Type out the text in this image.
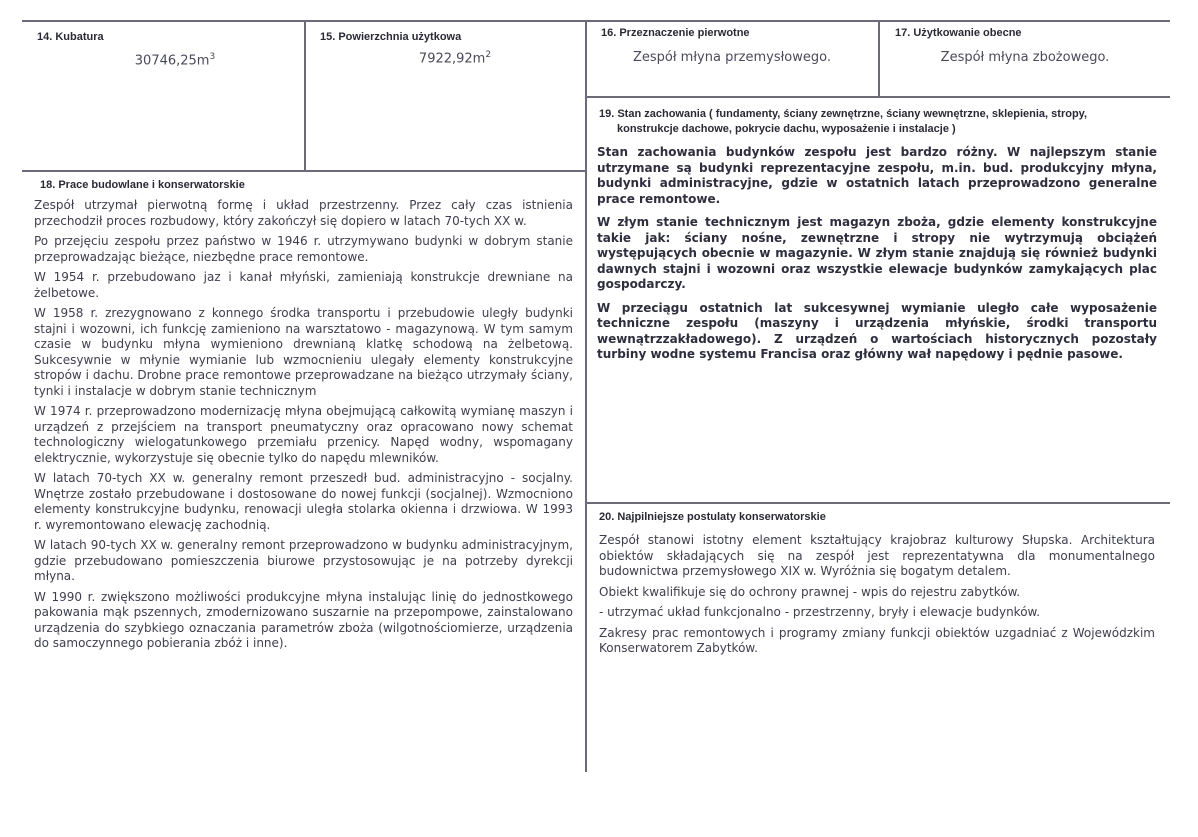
14. Kubatura
$30746,25m^3$
15. Powierzchnia użytkowa
$7922,92m^2$
16. Przeznaczenie pierwotne
Zespół młyna przemysłowego.
17. Użytkowanie obecne
Zespół młyna zbożowego.
18. Prace budowlane i konserwatorskie

Zespół utrzymał pierwotną formę i układ przestrzenny. Przez cały czas istnienia przechodził proces rozbudowy, który zakończył się dopiero w latach 70-tych XX w.

Po przejęciu zespołu przez państwo w 1946 r. utrzymywano budynki w dobrym stanie przeprowadzając bieżące, niezbędne prace remontowe.

W 1954 r. przebudowano jaz i kanał młyński, zamieniają konstrukcje drewniane na żelbetowe.

W 1958 r. zrezygnowano z konnego środka transportu i przebudowie uległy budynki stajni i wozowni, ich funkcję zamieniono na warsztatowo - magazynową. W tym samym czasie w budynku młyna wymieniono drewnianą klatkę schodową na żelbetową. Sukcesywnie w młynie wymianie lub wzmocnieniu ulegały elementy konstrukcyjne stropów i dachu. Drobne prace remontowe przeprowadzane na bieżąco utrzymały ściany, tynki i instalacje w dobrym stanie technicznym

W 1974 r. przeprowadzono modernizację młyna obejmującą całkowitą wymianę maszyn i urządzeń z przejściem na transport pneumatyczny oraz opracowano nowy schemat technologiczny wielogatunkowego przemiału przenicy. Napęd wodny, wspomagany elektrycznie, wykorzystuje się obecnie tylko do napędu mlewników.

W latach 70-tych XX w. generalny remont przeszedł bud. administracyjno - socjalny. Wnętrze zostało przebudowane i dostosowane do nowej funkcji (socjalnej). Wzmocniono elementy konstrukcyjne budynku, renowacji uległa stolarka okienna i drzwiowa. W 1993 r. wyremontowano elewację zachodnią.

W latach 90-tych XX w. generalny remont przeprowadzono w budynku administracyjnym, gdzie przebudowano pomieszczenia biurowe przystosowując je na potrzeby dyrekcji młyna.

W 1990 r. zwiększono możliwości produkcyjne młyna instalując linię do jednostkowego pakowania mąk pszennych, zmodernizowano suszarnie na przepompowe, zainstalowano urządzenia do szybkiego oznaczania parametrów zboża (wilgotnościomierze, urządzenia do samoczynnego pobierania zbóż i inne).

19. Stan zachowania ( fundamenty, ściany zewnętrzne, ściany wewnętrzne, sklepienia, stropy,
konstrukcje dachowe, pokrycie dachu, wyposażenie i instalacje )

Stan zachowania budynków zespołu jest bardzo różny. W najlepszym stanie utrzymane są budynki reprezentacyjne zespołu, m.in. bud. produkcyjny młyna, budynki administracyjne, gdzie w ostatnich latach przeprowadzono generalne prace remontowe.

W złym stanie technicznym jest magazyn zboża, gdzie elementy konstrukcyjne takie jak: ściany nośne, zewnętrzne i stropy nie wytrzymują obciążeń występujących obecnie w magazynie. W złym stanie znajdują się również budynki dawnych stajni i wozowni oraz wszystkie elewacje budynków zamykających plac gospodarczy.

W przeciągu ostatnich lat sukcesywnej wymianie uległo całe wyposażenie techniczne zespołu (maszyny i urządzenia młyńskie, środki transportu wewnątrzzakładowego). Z urządzeń o wartościach historycznych pozostały turbiny wodne systemu Francisa oraz główny wał napędowy i pędnie pasowe.

20. Najpilniejsze postulaty konserwatorskie

Zespół stanowi istotny element kształtujący krajobraz kulturowy Słupska. Architektura obiektów składających się na zespół jest reprezentatywna dla monumentalnego budownictwa przemysłowego XIX w. Wyróżnia się bogatym detalem.

Obiekt kwalifikuje się do ochrony prawnej - wpis do rejestru zabytków.

- utrzymać układ funkcjonalno - przestrzenny, bryły i elewacje budynków.

Zakresy prac remontowych i programy zmiany funkcji obiektów uzgadniać z Wojewódzkim Konserwatorem Zabytków.
